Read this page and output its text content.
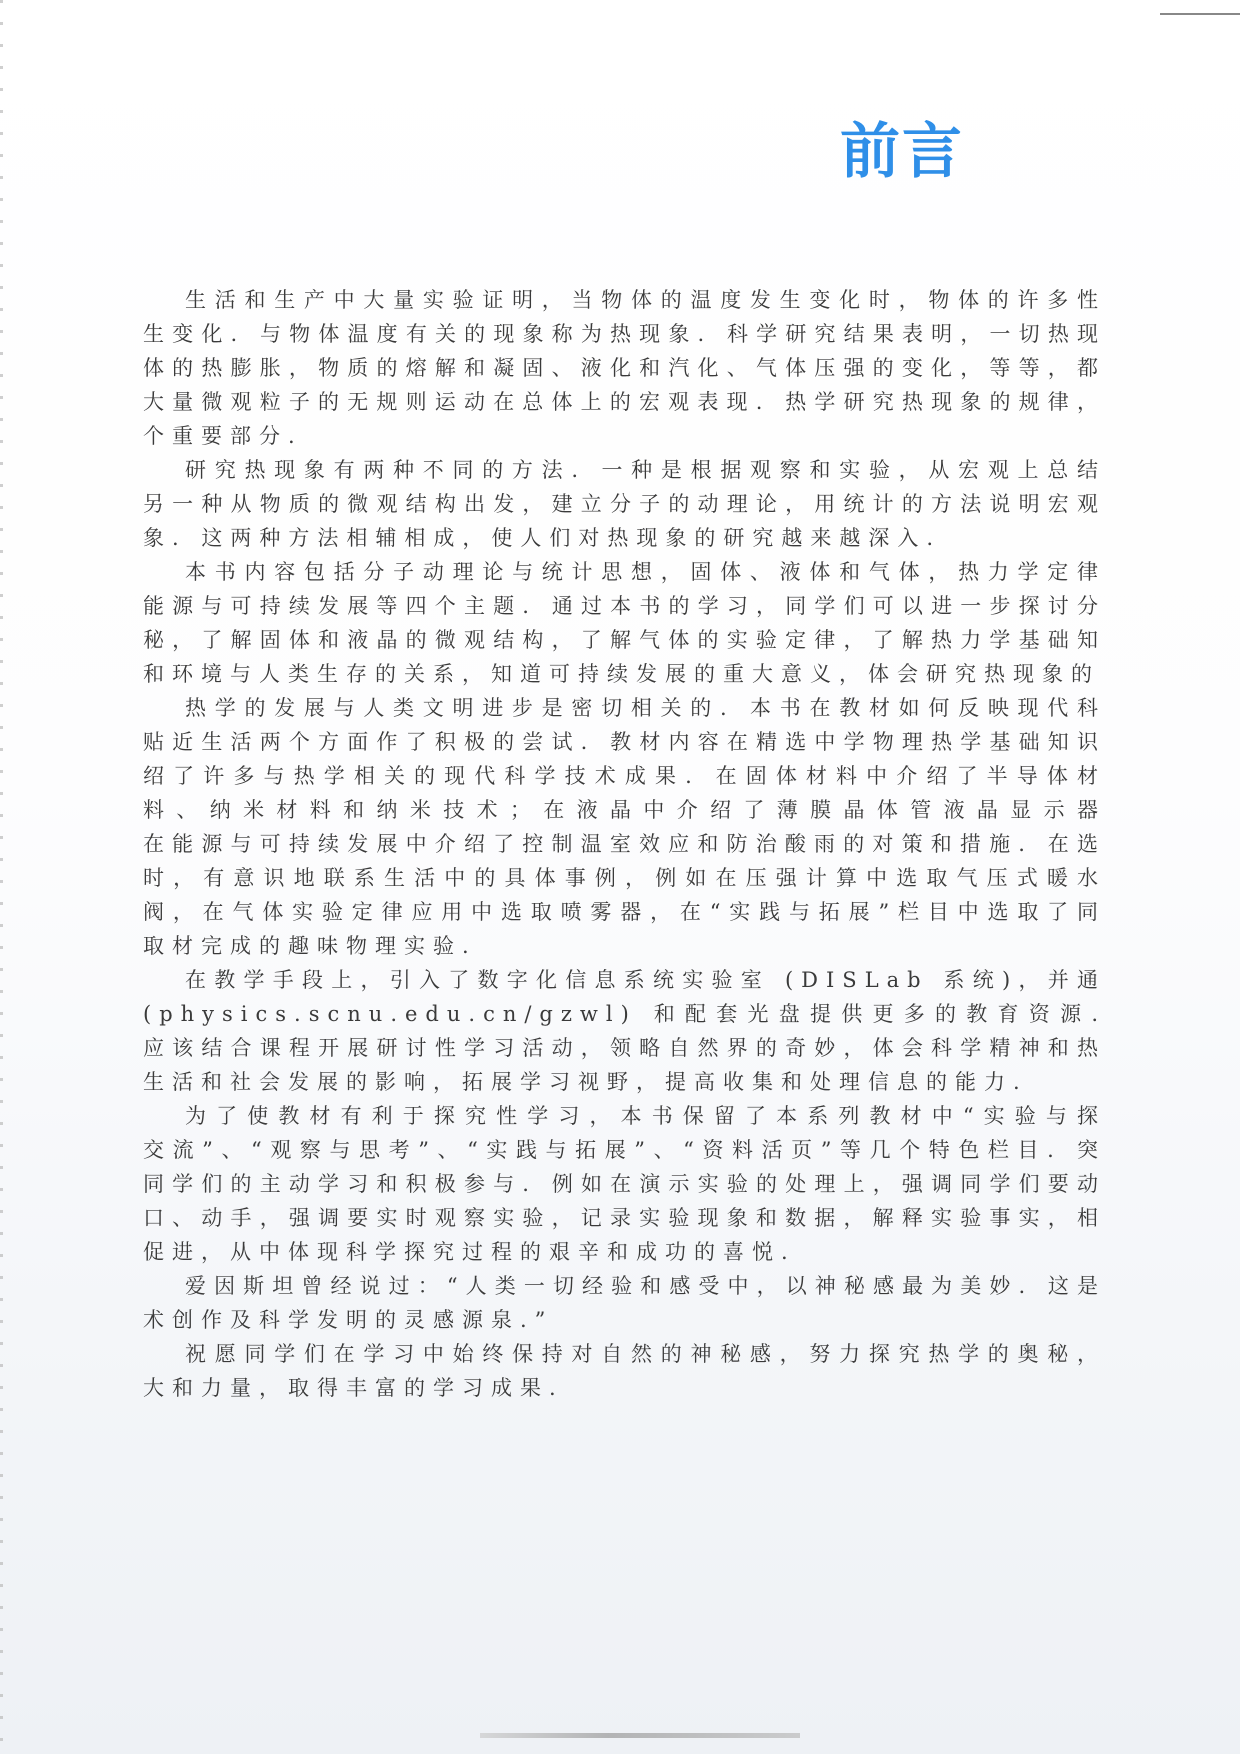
前言
生活和生产中大量实验证明，当物体的温度发生变化时，物体的许多性
生变化. 与物体温度有关的现象称为热现象. 科学研究结果表明，一切热现
体的热膨胀，物质的熔解和凝固、液化和汽化、气体压强的变化，等等，都
大量微观粒子的无规则运动在总体上的宏观表现. 热学研究热现象的规律，
个重要部分.
研究热现象有两种不同的方法. 一种是根据观察和实验，从宏观上总结
另一种从物质的微观结构出发，建立分子的动理论，用统计的方法说明宏观
象. 这两种方法相辅相成，使人们对热现象的研究越来越深入.
本书内容包括分子动理论与统计思想，固体、液体和气体，热力学定律
能源与可持续发展等四个主题. 通过本书的学习，同学们可以进一步探讨分
秘，了解固体和液晶的微观结构，了解气体的实验定律，了解热力学基础知
和环境与人类生存的关系，知道可持续发展的重大意义，体会研究热现象的
热学的发展与人类文明进步是密切相关的. 本书在教材如何反映现代科
贴近生活两个方面作了积极的尝试. 教材内容在精选中学物理热学基础知识
绍了许多与热学相关的现代科学技术成果. 在固体材料中介绍了半导体材
料、纳米材料和纳米技术；在液晶中介绍了薄膜晶体管液晶显示器
在能源与可持续发展中介绍了控制温室效应和防治酸雨的对策和措施. 在选
时，有意识地联系生活中的具体事例，例如在压强计算中选取气压式暖水
阀，在气体实验定律应用中选取喷雾器，在“实践与拓展”栏目中选取了同
取材完成的趣味物理实验.
在教学手段上，引入了数字化信息系统实验室 (DISLab 系统)，并通
(physics.scnu.edu.cn/gzwl) 和配套光盘提供更多的教育资源.
应该结合课程开展研讨性学习活动，领略自然界的奇妙，体会科学精神和热
生活和社会发展的影响，拓展学习视野，提高收集和处理信息的能力.
为了使教材有利于探究性学习，本书保留了本系列教材中“实验与探
交流”、“观察与思考”、“实践与拓展”、“资料活页”等几个特色栏目. 突
同学们的主动学习和积极参与. 例如在演示实验的处理上，强调同学们要动
口、动手，强调要实时观察实验，记录实验现象和数据，解释实验事实，相
促进，从中体现科学探究过程的艰辛和成功的喜悦.
爱因斯坦曾经说过：“人类一切经验和感受中，以神秘感最为美妙. 这是
术创作及科学发明的灵感源泉.”
祝愿同学们在学习中始终保持对自然的神秘感，努力探究热学的奥秘，
大和力量，取得丰富的学习成果.
